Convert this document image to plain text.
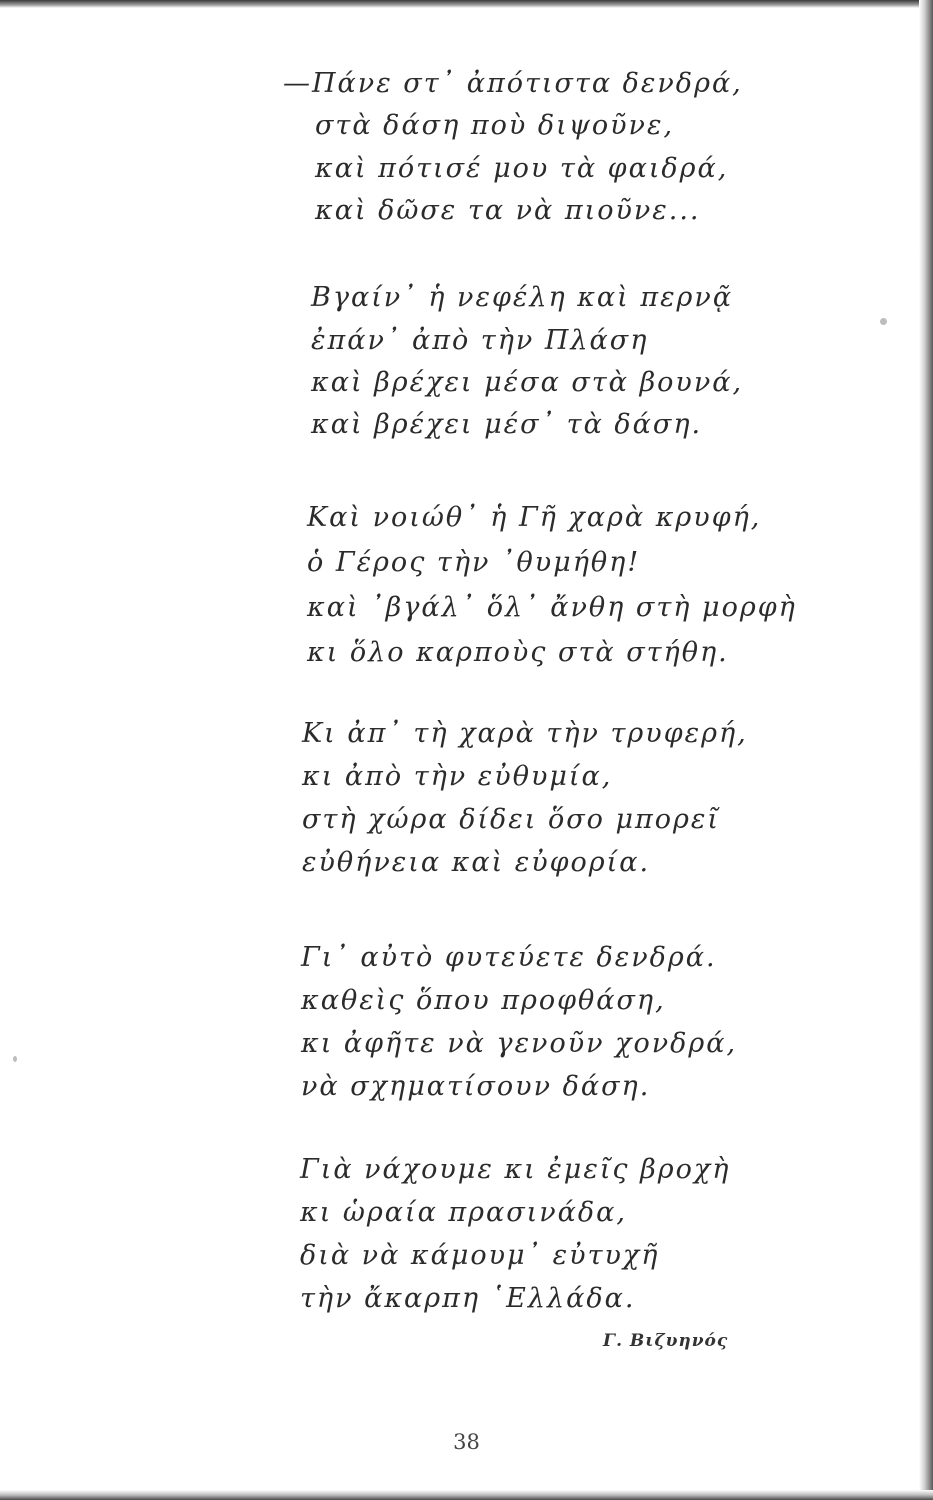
—Πάνε στ᾽ ἀπότιστα δενδρά,
στὰ δάση ποὺ διψοῦνε,
καὶ πότισέ μου τὰ φαιδρά,
καὶ δῶσε τα νὰ πιοῦνε...
Βγαίν᾽ ἡ νεφέλη καὶ περνᾷ
ἐπάν᾽ ἀπὸ τὴν Πλάση
καὶ βρέχει μέσα στὰ βουνά,
καὶ βρέχει μέσ᾽ τὰ δάση.
Καὶ νοιώθ᾽ ἡ Γῆ χαρὰ κρυφή,
ὁ Γέρος τὴν ᾽θυμήθη!
καὶ ᾽βγάλ᾽ ὅλ᾽ ἄνθη στὴ μορφὴ
κι ὅλο καρποὺς στὰ στήθη.
Κι ἀπ᾽ τὴ χαρὰ τὴν τρυφερή,
κι ἀπὸ τὴν εὐθυμία,
στὴ χώρα δίδει ὅσο μπορεῖ
εὐθήνεια καὶ εὐφορία.
Γι᾽ αὐτὸ φυτεύετε δενδρά.
καθεὶς ὅπου προφθάση,
κι ἀφῆτε νὰ γενοῦν χονδρά,
νὰ σχηματίσουν δάση.
Γιὰ νάχουμε κι ἐμεῖς βροχὴ
κι ὡραία πρασινάδα,
διὰ νὰ κάμουμ᾽ εὐτυχῆ
τὴν ἄκαρπη ῾Ελλάδα.
Γ. Βιζυηνός
38
